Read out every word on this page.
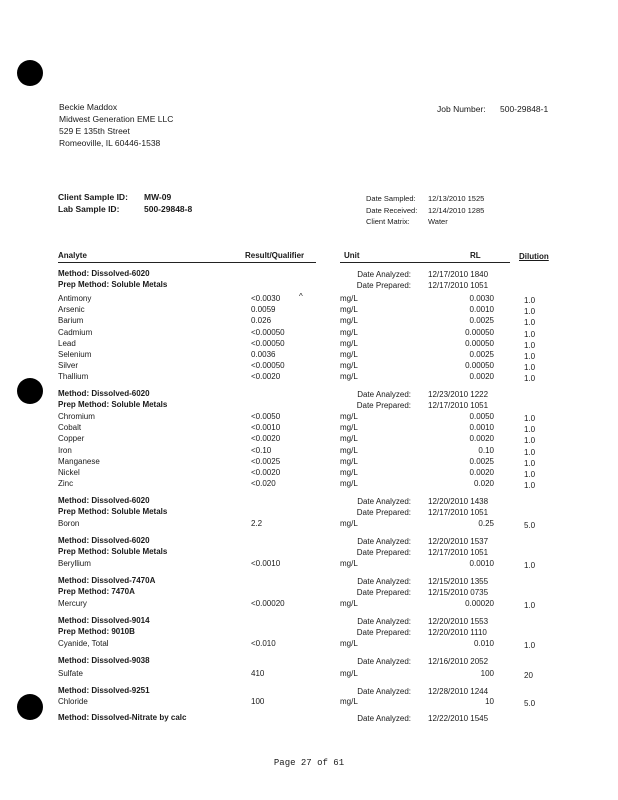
Beckie Maddox
Midwest Generation EME LLC
529 E 135th Street
Romeoville, IL 60446-1538
Job Number: 500-29848-1
Client Sample ID: MW-09
Lab Sample ID:	500-29848-8
Date Sampled: 12/13/2010 1525
Date Received: 12/14/2010 1285
Client Matrix: Water
Analyte	Result/Qualifier	Unit	RL	Dilution
Method: Dissolved-6020
Prep Method: Soluble Metals
Date Analyzed: 12/17/2010 1840
Date Prepared: 12/17/2010 1051
Antimony	<0.0030 ^	mg/L	0.0030	1.0
Arsenic	0.0059	mg/L	0.0010	1.0
Barium	0.026	mg/L	0.0025	1.0
Cadmium	<0.00050	mg/L	0.00050	1.0
Lead	<0.00050	mg/L	0.00050	1.0
Selenium	0.0036	mg/L	0.0025	1.0
Silver	<0.00050	mg/L	0.00050	1.0
Thallium	<0.0020	mg/L	0.0020	1.0
Method: Dissolved-6020
Prep Method: Soluble Metals
Date Analyzed: 12/23/2010 1222
Date Prepared: 12/17/2010 1051
Chromium	<0.0050	mg/L	0.0050	1.0
Cobalt	<0.0010	mg/L	0.0010	1.0
Copper	<0.0020	mg/L	0.0020	1.0
Iron	<0.10	mg/L	0.10	1.0
Manganese	<0.0025	mg/L	0.0025	1.0
Nickel	<0.0020	mg/L	0.0020	1.0
Zinc	<0.020	mg/L	0.020	1.0
Method: Dissolved-6020
Prep Method: Soluble Metals
Date Analyzed: 12/20/2010 1438
Date Prepared: 12/17/2010 1051
Boron	2.2	mg/L	0.25	5.0
Method: Dissolved-6020
Prep Method: Soluble Metals
Date Analyzed: 12/20/2010 1537
Date Prepared: 12/17/2010 1051
Beryllium	<0.0010	mg/L	0.0010	1.0
Method: Dissolved-7470A
Prep Method: 7470A
Date Analyzed: 12/15/2010 1355
Date Prepared: 12/15/2010 0735
Mercury	<0.00020	mg/L	0.00020	1.0
Method: Dissolved-9014
Prep Method: 9010B
Date Analyzed: 12/20/2010 1553
Date Prepared: 12/20/2010 1110
Cyanide, Total	<0.010	mg/L	0.010	1.0
Method: Dissolved-9038	Date Analyzed: 12/16/2010 2052
Sulfate	410	mg/L	100	20
Method: Dissolved-9251	Date Analyzed: 12/28/2010 1244
Chloride	100	mg/L	10	5.0
Method: Dissolved-Nitrate by calc	Date Analyzed: 12/22/2010 1545
Page 27 of 61
